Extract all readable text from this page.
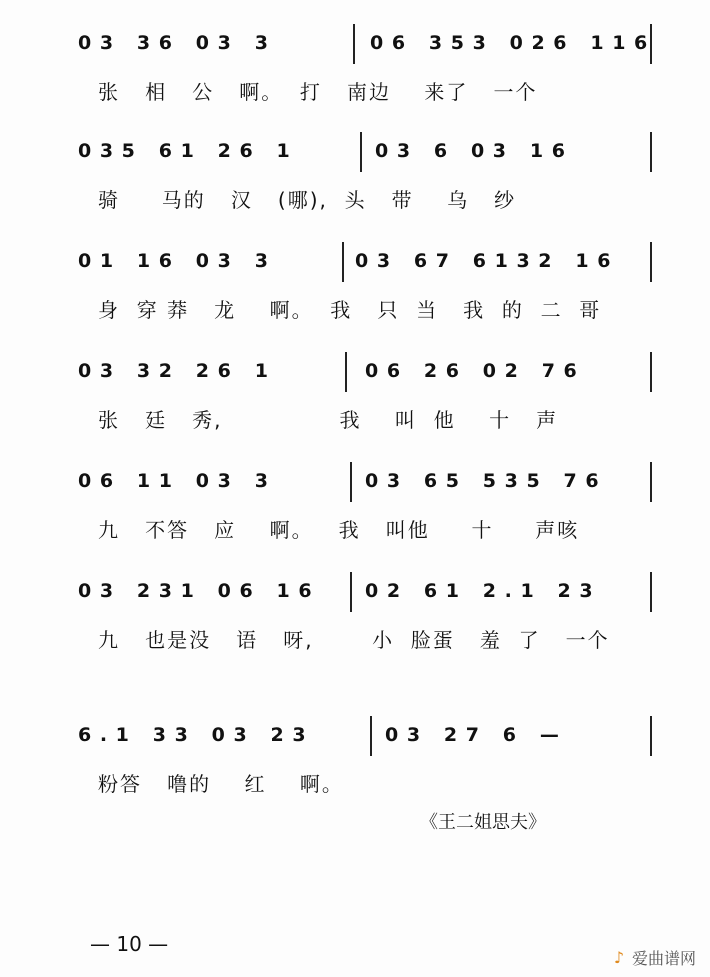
0 3   3 6   0 3   3	0 6   3 5 3   0 2 6   1 1 6
张   相   公   啊。  打   南边    来了   一个
0 3 5   6 1   2 6   1	0 3   6   0 3   1 6
骑     马的   汉   (哪),  头   带    乌   纱
0 1   1 6   0 3   3	0 3   6 7   6 1 3 2   1 6
身  穿 莽   龙    啊。  我   只  当   我  的  二  哥
0 3   3 2   2 6   1	0 6   2 6   0 2   7 6
张   廷   秀,              我    叫  他    十   声
0 6   1 1   0 3   3	0 3   6 5   5 3 5   7 6
九   不答   应    啊。   我   叫他     十     声咳
0 3   2 3 1   0 6   1 6	0 2   6 1   2 . 1   2 3
九   也是没   语   呀,       小  脸蛋   羞  了   一个
6 . 1   3 3   0 3   2 3	0 3   2 7   6   —
粉答   噜的    红    啊。
《王二姐思夫》
— 10 —
♪ 爱曲谱网
